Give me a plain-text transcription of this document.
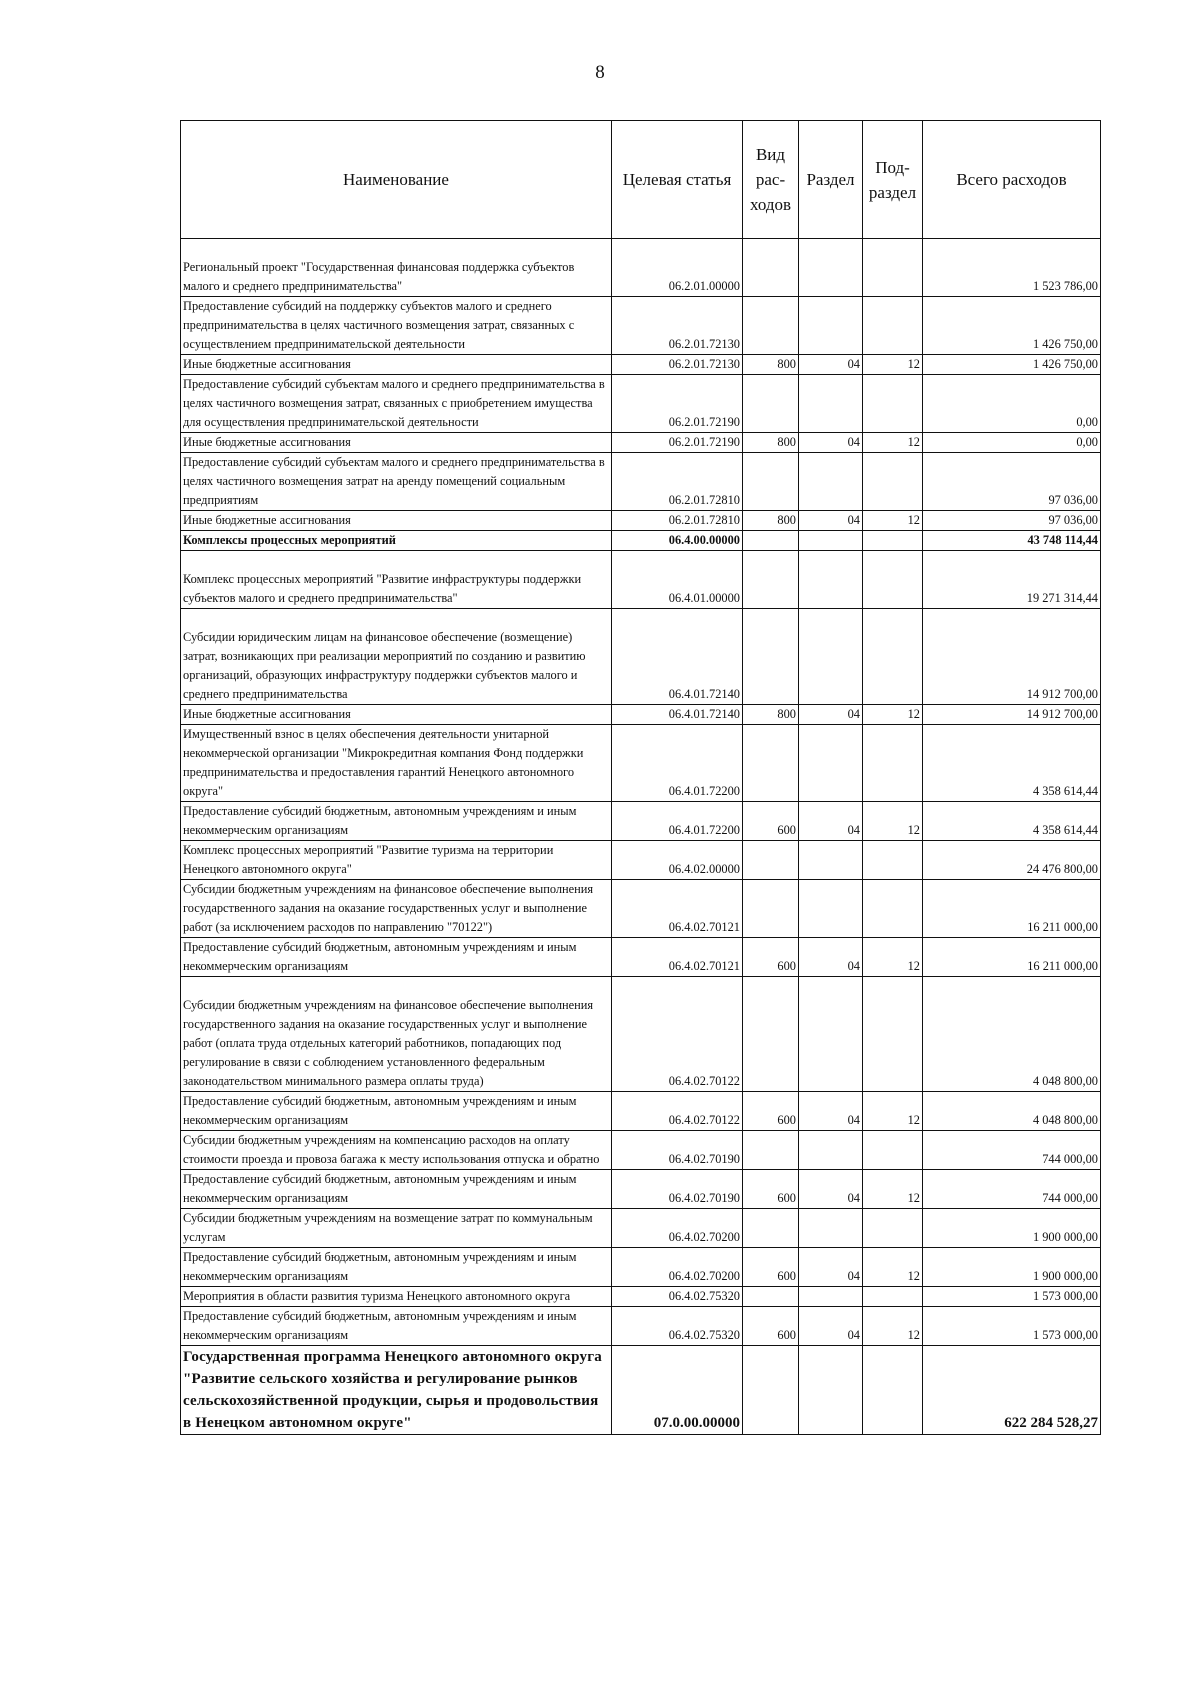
8
Наименование	Целевая статья	Вид рас-ходов	Раздел	Под-раздел	Всего расходов
Региональный проект "Государственная финансовая поддержка субъектов малого и среднего предпринимательства"	06.2.01.00000				1 523 786,00
Предоставление субсидий на поддержку субъектов малого и среднего предпринимательства в целях частичного возмещения затрат, связанных с осуществлением предпринимательской деятельности	06.2.01.72130				1 426 750,00
Иные бюджетные ассигнования	06.2.01.72130	800	04	12	1 426 750,00
Предоставление субсидий субъектам малого и среднего предпринимательства в целях частичного возмещения затрат, связанных с приобретением имущества для осуществления предпринимательской деятельности	06.2.01.72190				0,00
Иные бюджетные ассигнования	06.2.01.72190	800	04	12	0,00
Предоставление субсидий субъектам малого и среднего предпринимательства в целях частичного возмещения затрат на аренду помещений социальным предприятиям	06.2.01.72810				97 036,00
Иные бюджетные ассигнования	06.2.01.72810	800	04	12	97 036,00
Комплексы процессных мероприятий	06.4.00.00000				43 748 114,44
Комплекс процессных мероприятий "Развитие инфраструктуры поддержки субъектов малого и среднего предпринимательства"	06.4.01.00000				19 271 314,44
Субсидии юридическим лицам на финансовое обеспечение (возмещение) затрат, возникающих при реализации мероприятий по созданию и развитию организаций, образующих инфраструктуру поддержки субъектов малого и среднего предпринимательства	06.4.01.72140				14 912 700,00
Иные бюджетные ассигнования	06.4.01.72140	800	04	12	14 912 700,00
Имущественный взнос в целях обеспечения деятельности унитарной некоммерческой организации "Микрокредитная компания Фонд поддержки предпринимательства и предоставления гарантий Ненецкого автономного округа"	06.4.01.72200				4 358 614,44
Предоставление субсидий бюджетным, автономным учреждениям и иным некоммерческим организациям	06.4.01.72200	600	04	12	4 358 614,44
Комплекс процессных мероприятий "Развитие туризма на территории Ненецкого автономного округа"	06.4.02.00000				24 476 800,00
Субсидии бюджетным учреждениям на финансовое обеспечение выполнения государственного задания на оказание государственных услуг и выполнение работ (за исключением расходов по направлению "70122")	06.4.02.70121				16 211 000,00
Предоставление субсидий бюджетным, автономным учреждениям и иным некоммерческим организациям	06.4.02.70121	600	04	12	16 211 000,00
Субсидии бюджетным учреждениям на финансовое обеспечение выполнения государственного задания на оказание государственных услуг и выполнение работ (оплата труда отдельных категорий работников, попадающих под регулирование в связи с соблюдением установленного федеральным законодательством минимального размера оплаты труда)	06.4.02.70122				4 048 800,00
Предоставление субсидий бюджетным, автономным учреждениям и иным некоммерческим организациям	06.4.02.70122	600	04	12	4 048 800,00
Субсидии бюджетным учреждениям на компенсацию расходов на оплату стоимости проезда и провоза багажа к месту использования отпуска и обратно	06.4.02.70190				744 000,00
Предоставление субсидий бюджетным, автономным учреждениям и иным некоммерческим организациям	06.4.02.70190	600	04	12	744 000,00
Субсидии бюджетным учреждениям на возмещение затрат по коммунальным услугам	06.4.02.70200				1 900 000,00
Предоставление субсидий бюджетным, автономным учреждениям и иным некоммерческим организациям	06.4.02.70200	600	04	12	1 900 000,00
Мероприятия в области развития туризма Ненецкого автономного округа	06.4.02.75320				1 573 000,00
Предоставление субсидий бюджетным, автономным учреждениям и иным некоммерческим организациям	06.4.02.75320	600	04	12	1 573 000,00
Государственная программа Ненецкого автономного округа "Развитие сельского хозяйства и регулирование рынков сельскохозяйственной продукции, сырья и продовольствия в Ненецком автономном округе"	07.0.00.00000				622 284 528,27
